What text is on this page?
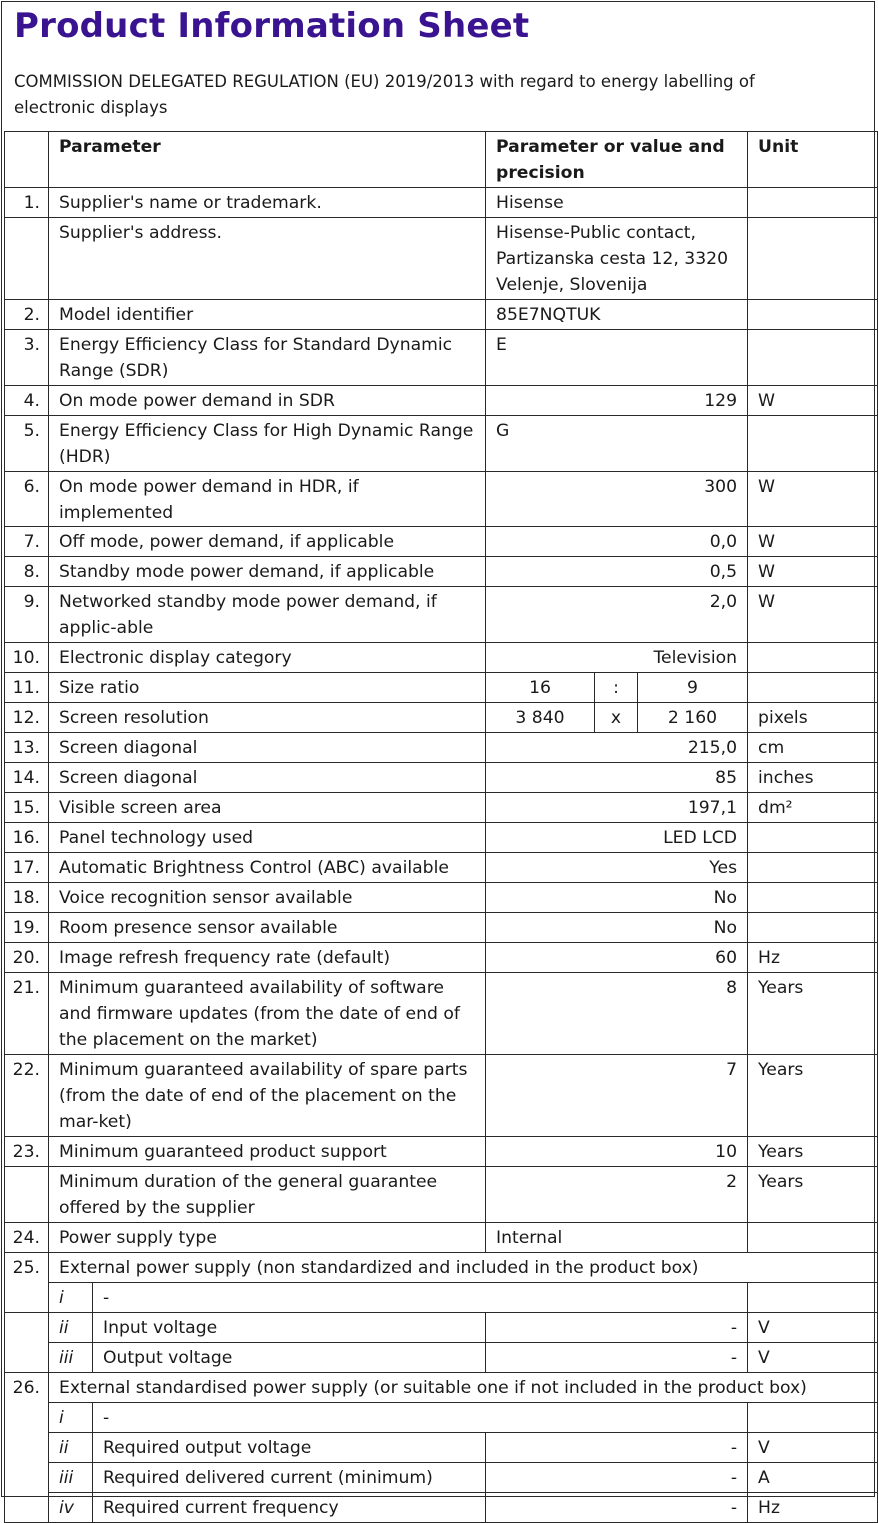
Product Information Sheet

COMMISSION DELEGATED REGULATION (EU) 2019/2013 with regard to energy labelling of electronic displays

	Parameter		Parameter or value and precision			Unit
1.	Supplier's name or trademark.		Hisense			
	Supplier's address.		Hisense-Public contact, Partizanska cesta 12, 3320 Velenje, Slovenija			
2.	Model identifier		85E7NQTUK			
3.	Energy Efficiency Class for Standard Dynamic Range (SDR)		E			
4.	On mode power demand in SDR		129			W
5.	Energy Efficiency Class for High Dynamic Range (HDR)		G			
6.	On mode power demand in HDR, if implemented		300			W
7.	Off mode, power demand, if applicable		0,0			W
8.	Standby mode power demand, if applicable		0,5			W
9.	Networked standby mode power demand, if applic-able		2,0			W
10.	Electronic display category		Television			
11.	Size ratio		16	:	9	
12.	Screen resolution		3 840	x	2 160	pixels
13.	Screen diagonal		215,0			cm
14.	Screen diagonal		85			inches
15.	Visible screen area		197,1			dm²
16.	Panel technology used		LED LCD			
17.	Automatic Brightness Control (ABC) available		Yes			
18.	Voice recognition sensor available		No			
19.	Room presence sensor available		No			
20.	Image refresh frequency rate (default)		60			Hz
21.	Minimum guaranteed availability of software and firmware updates (from the date of end of the placement on the market)		8			Years
22.	Minimum guaranteed availability of spare parts (from the date of end of the placement on the mar-ket)		7			Years
23.	Minimum guaranteed product support		10			Years
	Minimum duration of the general guarantee offered by the supplier		2			Years
24.	Power supply type		Internal			
25.	External power supply (non standardized and included in the product box)					
	i	-				
	ii	Input voltage	-			V
	iii	Output voltage	-			V
26.	External standardised power supply (or suitable one if not included in the product box)					
	i	-				
	ii	Required output voltage	-			V
	iii	Required delivered current (minimum)	-			A
	iv	Required current frequency	-			Hz
